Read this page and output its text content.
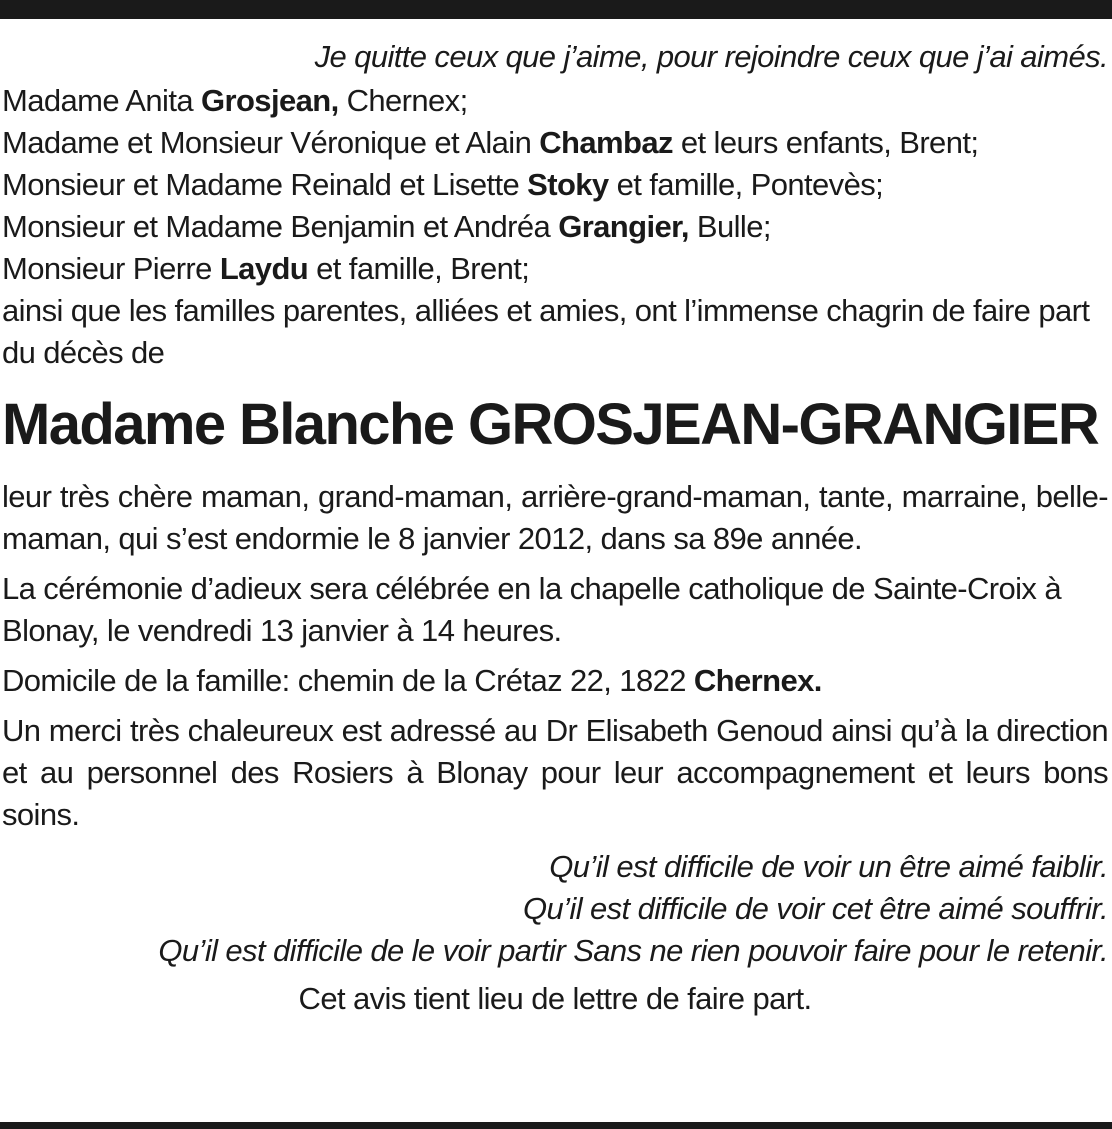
Je quitte ceux que j’aime, pour rejoindre ceux que j’ai aimés.
Madame Anita Grosjean, Chernex;
Madame et Monsieur Véronique et Alain Chambaz et leurs enfants, Brent;
Monsieur et Madame Reinald et Lisette Stoky et famille, Pontevès;
Monsieur et Madame Benjamin et Andréa Grangier, Bulle;
Monsieur Pierre Laydu et famille, Brent;

ainsi que les familles parentes, alliées et amies, ont l’immense chagrin de faire part du décès de

Madame Blanche GROSJEAN-GRANGIER

leur très chère maman, grand-maman, arrière-grand-maman, tante, marraine, belle-maman, qui s’est endormie le 8 janvier 2012, dans sa 89e année.

La cérémonie d’adieux sera célébrée en la chapelle catholique de Sainte-Croix à Blonay, le vendredi 13 janvier à 14 heures.

Domicile de la famille: chemin de la Crétaz 22, 1822 Chernex.

Un merci très chaleureux est adressé au Dr Elisabeth Genoud ainsi qu’à la direction et au personnel des Rosiers à Blonay pour leur accompagnement et leurs bons soins.

Qu’il est difficile de voir un être aimé faiblir.
Qu’il est difficile de voir cet être aimé souffrir.
Qu’il est difficile de le voir partir Sans ne rien pouvoir faire pour le retenir.
Cet avis tient lieu de lettre de faire part.
